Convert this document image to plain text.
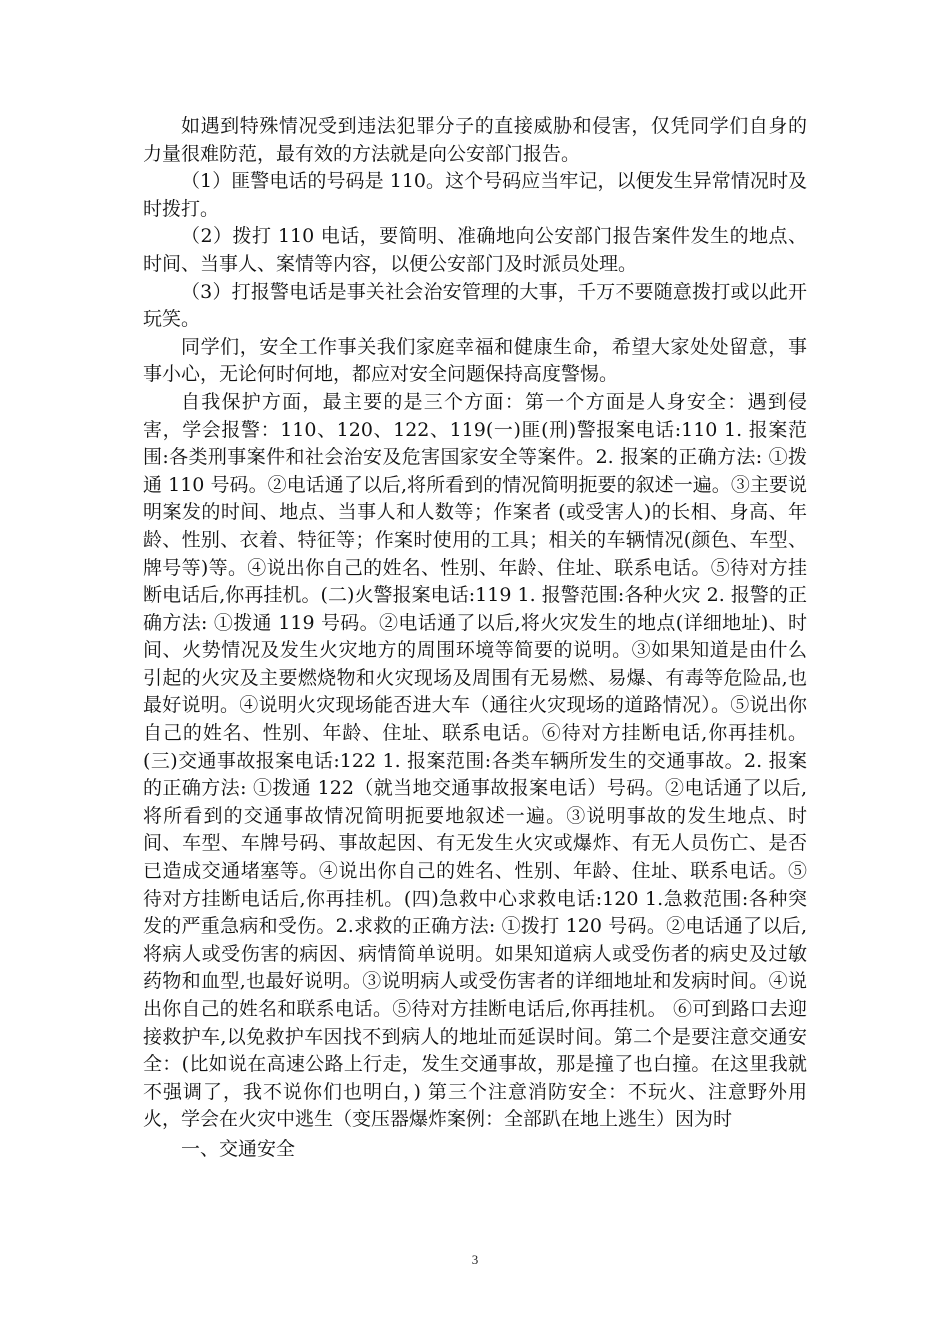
如遇到特殊情况受到违法犯罪分子的直接威胁和侵害，仅凭同学们自身的力量很难防范，最有效的方法就是向公安部门报告。

（1）匪警电话的号码是 110。这个号码应当牢记，以便发生异常情况时及时拨打。

（2）拨打 110 电话，要简明、准确地向公安部门报告案件发生的地点、时间、当事人、案情等内容，以便公安部门及时派员处理。

（3）打报警电话是事关社会治安管理的大事，千万不要随意拨打或以此开玩笑。

同学们，安全工作事关我们家庭幸福和健康生命，希望大家处处留意，事事小心，无论何时何地，都应对安全问题保持高度警惕。

自我保护方面，最主要的是三个方面：第一个方面是人身安全：遇到侵害，学会报警：110、120、122、119(一)匪(刑)警报案电话:110 1. 报案范围:各类刑事案件和社会治安及危害国家安全等案件。2. 报案的正确方法: ①拨通 110 号码。②电话通了以后,将所看到的情况简明扼要的叙述一遍。③主要说明案发的时间、地点、当事人和人数等；作案者 (或受害人)的长相、身高、年龄、性别、衣着、特征等；作案时使用的工具；相关的车辆情况(颜色、车型、牌号等)等。④说出你自己的姓名、性别、年龄、住址、联系电话。⑤待对方挂断电话后,你再挂机。(二)火警报案电话:119 1. 报警范围:各种火灾 2. 报警的正确方法: ①拨通 119 号码。②电话通了以后,将火灾发生的地点(详细地址)、时间、火势情况及发生火灾地方的周围环境等简要的说明。③如果知道是由什么引起的火灾及主要燃烧物和火灾现场及周围有无易燃、易爆、有毒等危险品,也最好说明。④说明火灾现场能否进大车（通往火灾现场的道路情况）。⑤说出你自己的姓名、性别、年龄、住址、联系电话。⑥待对方挂断电话,你再挂机。(三)交通事故报案电话:122 1. 报案范围:各类车辆所发生的交通事故。2. 报案的正确方法: ①拨通 122（就当地交通事故报案电话）号码。②电话通了以后,将所看到的交通事故情况简明扼要地叙述一遍。③说明事故的发生地点、时间、车型、车牌号码、事故起因、有无发生火灾或爆炸、有无人员伤亡、是否已造成交通堵塞等。④说出你自己的姓名、性别、年龄、住址、联系电话。⑤待对方挂断电话后,你再挂机。(四)急救中心求救电话:120 1.急救范围:各种突发的严重急病和受伤。2.求救的正确方法: ①拨打 120 号码。②电话通了以后,将病人或受伤害的病因、病情简单说明。如果知道病人或受伤者的病史及过敏药物和血型,也最好说明。③说明病人或受伤害者的详细地址和发病时间。④说出你自己的姓名和联系电话。⑤待对方挂断电话后,你再挂机。 ⑥可到路口去迎接救护车,以免救护车因找不到病人的地址而延误时间。第二个是要注意交通安全：(比如说在高速公路上行走，发生交通事故，那是撞了也白撞。在这里我就不强调了，我不说你们也明白，) 第三个注意消防安全：不玩火、注意野外用火，学会在火灾中逃生（变压器爆炸案例：全部趴在地上逃生）因为时

一、交通安全

3
